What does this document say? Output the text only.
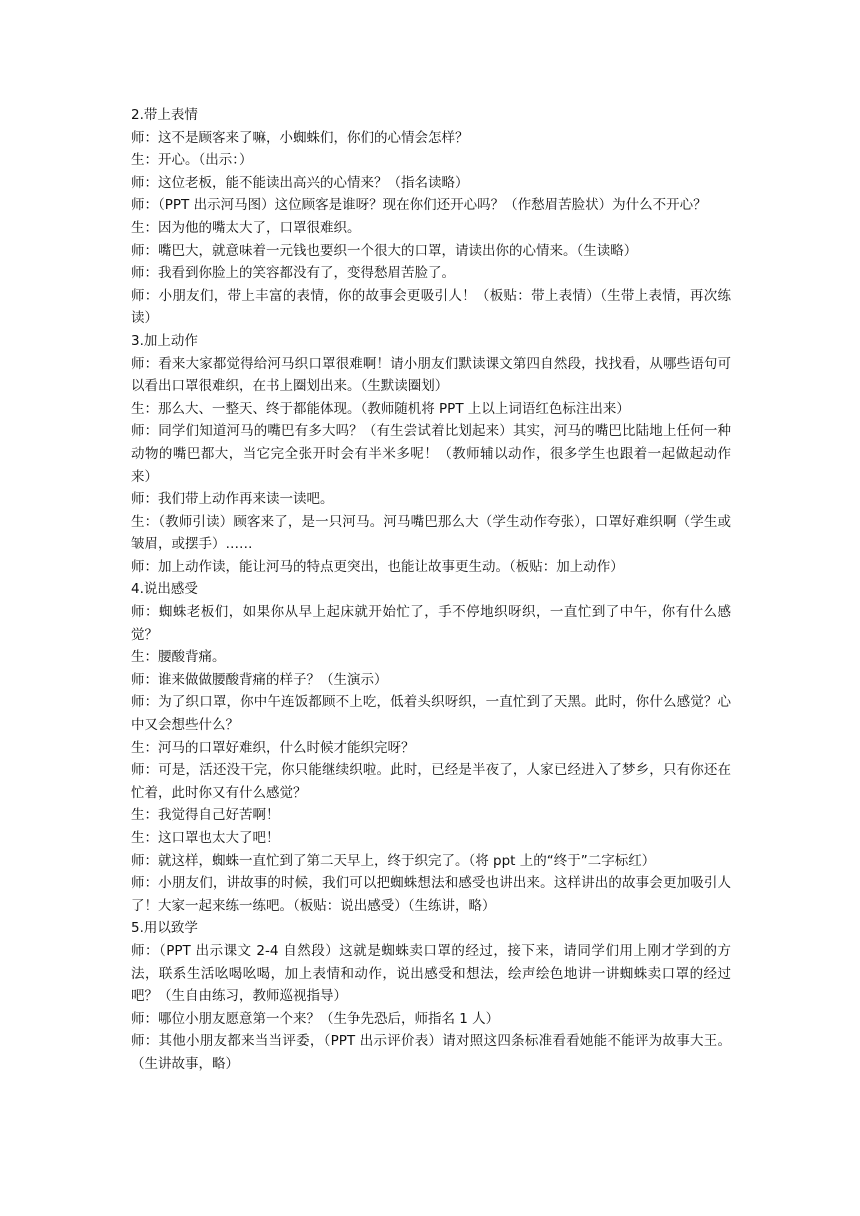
2.带上表情

师：这不是顾客来了嘛，小蜘蛛们，你们的心情会怎样？

生：开心。（出示：）

师：这位老板，能不能读出高兴的心情来？（指名读略）

师：（PPT 出示河马图）这位顾客是谁呀？现在你们还开心吗？（作愁眉苦脸状）为什么不开心？

生：因为他的嘴太大了，口罩很难织。

师：嘴巴大，就意味着一元钱也要织一个很大的口罩，请读出你的心情来。（生读略）

师：我看到你脸上的笑容都没有了，变得愁眉苦脸了。

师：小朋友们，带上丰富的表情，你的故事会更吸引人！（板贴：带上表情）（生带上表情，再次练读）

3.加上动作

师：看来大家都觉得给河马织口罩很难啊！请小朋友们默读课文第四自然段，找找看，从哪些语句可以看出口罩很难织，在书上圈划出来。（生默读圈划）

生：那么大、一整天、终于都能体现。（教师随机将 PPT 上以上词语红色标注出来）

师：同学们知道河马的嘴巴有多大吗？（有生尝试着比划起来）其实，河马的嘴巴比陆地上任何一种动物的嘴巴都大，当它完全张开时会有半米多呢！（教师辅以动作，很多学生也跟着一起做起动作来）

师：我们带上动作再来读一读吧。

生：（教师引读）顾客来了，是一只河马。河马嘴巴那么大（学生动作夸张），口罩好难织啊（学生或皱眉，或摆手）……

师：加上动作读，能让河马的特点更突出，也能让故事更生动。（板贴：加上动作）

4.说出感受

师：蜘蛛老板们，如果你从早上起床就开始忙了，手不停地织呀织，一直忙到了中午，你有什么感觉？

生：腰酸背痛。

师：谁来做做腰酸背痛的样子？（生演示）

师：为了织口罩，你中午连饭都顾不上吃，低着头织呀织，一直忙到了天黑。此时，你什么感觉？心中又会想些什么？

生：河马的口罩好难织，什么时候才能织完呀？

师：可是，活还没干完，你只能继续织啦。此时，已经是半夜了，人家已经进入了梦乡，只有你还在忙着，此时你又有什么感觉？

生：我觉得自己好苦啊！

生：这口罩也太大了吧！

师：就这样，蜘蛛一直忙到了第二天早上，终于织完了。（将 ppt 上的“终于”二字标红）

师：小朋友们，讲故事的时候，我们可以把蜘蛛想法和感受也讲出来。这样讲出的故事会更加吸引人了！大家一起来练一练吧。（板贴：说出感受）（生练讲，略）

5.用以致学

师：（PPT 出示课文 2-4 自然段）这就是蜘蛛卖口罩的经过，接下来，请同学们用上刚才学到的方法，联系生活吆喝吆喝，加上表情和动作，说出感受和想法，绘声绘色地讲一讲蜘蛛卖口罩的经过吧？（生自由练习，教师巡视指导）

师：哪位小朋友愿意第一个来？（生争先恐后，师指名 1 人）

师：其他小朋友都来当当评委，（PPT 出示评价表）请对照这四条标准看看她能不能评为故事大王。（生讲故事，略）
